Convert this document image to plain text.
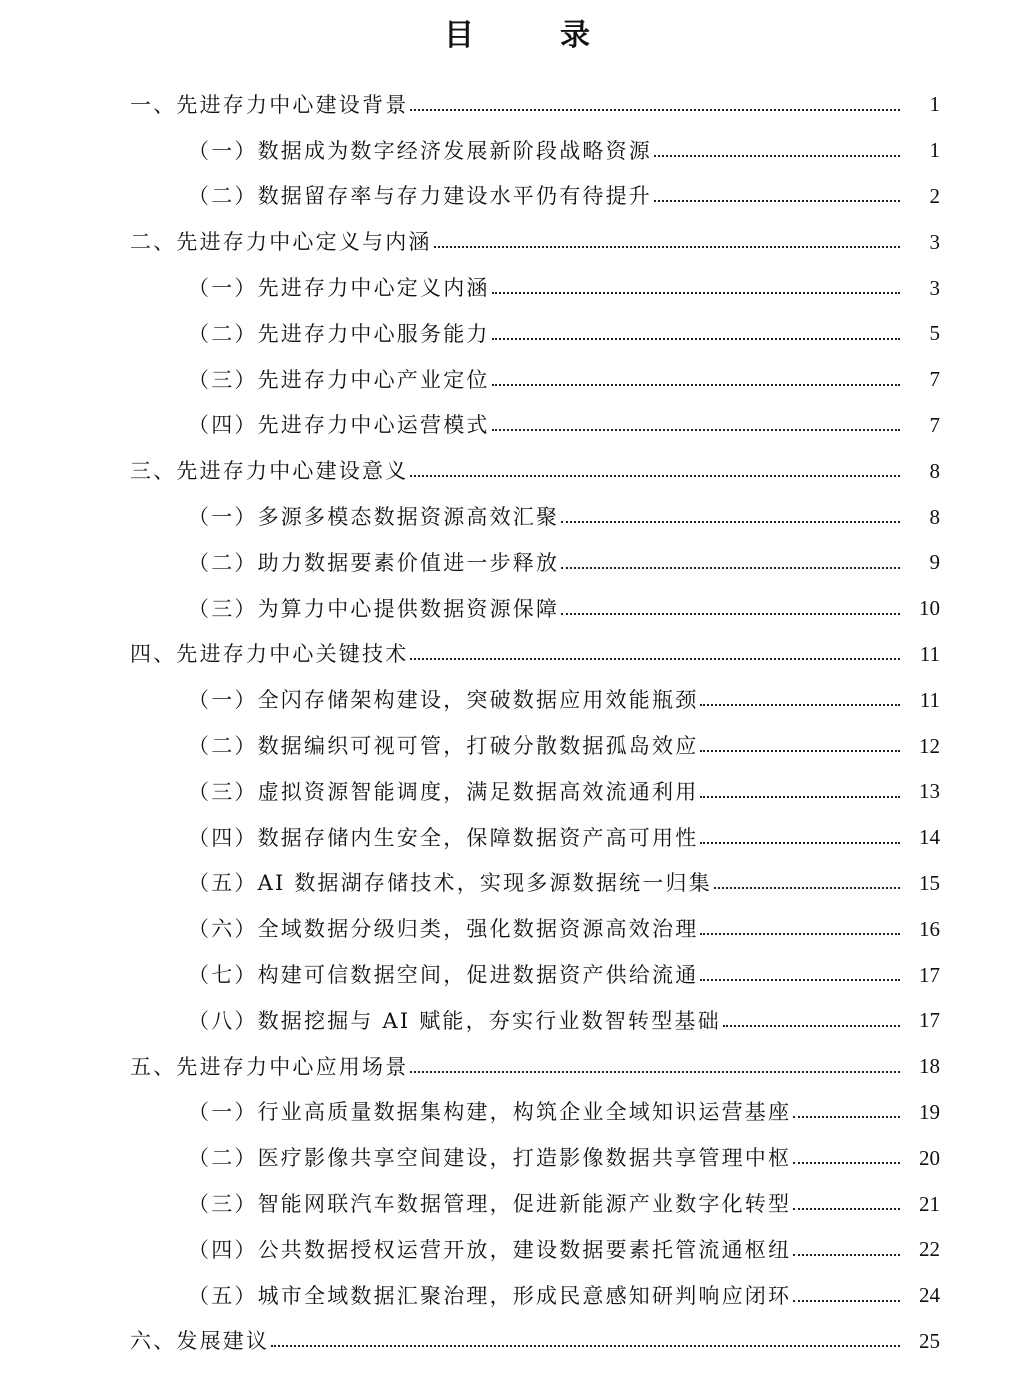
目　录
一、先进存力中心建设背景	1
（一）数据成为数字经济发展新阶段战略资源	1
（二）数据留存率与存力建设水平仍有待提升	2
二、先进存力中心定义与内涵	3
（一）先进存力中心定义内涵	3
（二）先进存力中心服务能力	5
（三）先进存力中心产业定位	7
（四）先进存力中心运营模式	7
三、先进存力中心建设意义	8
（一）多源多模态数据资源高效汇聚	8
（二）助力数据要素价值进一步释放	9
（三）为算力中心提供数据资源保障	10
四、先进存力中心关键技术	11
（一）全闪存储架构建设，突破数据应用效能瓶颈	11
（二）数据编织可视可管，打破分散数据孤岛效应	12
（三）虚拟资源智能调度，满足数据高效流通利用	13
（四）数据存储内生安全，保障数据资产高可用性	14
（五）AI 数据湖存储技术，实现多源数据统一归集	15
（六）全域数据分级归类，强化数据资源高效治理	16
（七）构建可信数据空间，促进数据资产供给流通	17
（八）数据挖掘与 AI 赋能，夯实行业数智转型基础	17
五、先进存力中心应用场景	18
（一）行业高质量数据集构建，构筑企业全域知识运营基座	19
（二）医疗影像共享空间建设，打造影像数据共享管理中枢	20
（三）智能网联汽车数据管理，促进新能源产业数字化转型	21
（四）公共数据授权运营开放，建设数据要素托管流通枢纽	22
（五）城市全域数据汇聚治理，形成民意感知研判响应闭环	24
六、发展建议	25
